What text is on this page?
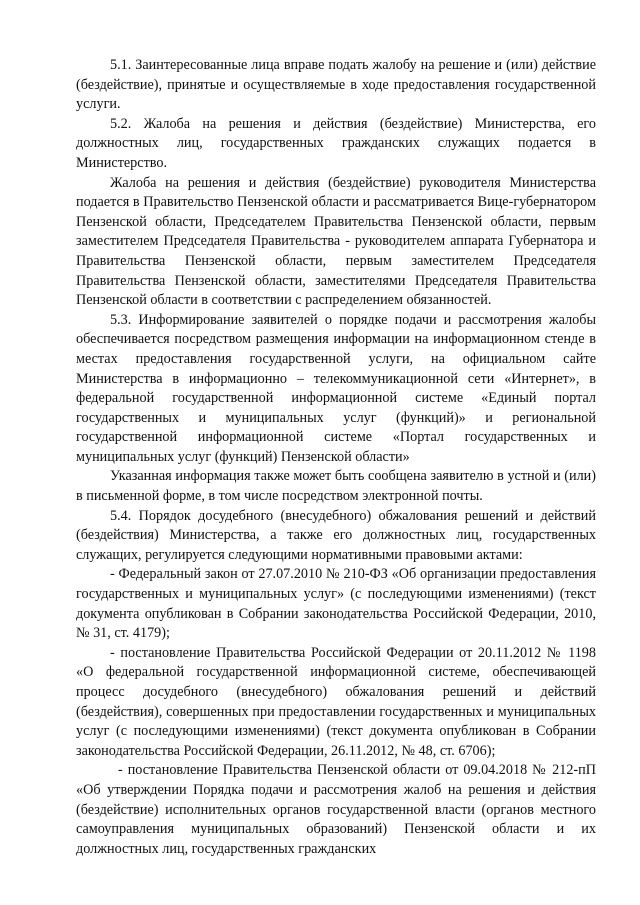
5.1. Заинтересованные лица вправе подать жалобу на решение и (или) действие (бездействие), принятые и осуществляемые в ходе предоставления государственной услуги.

5.2. Жалоба на решения и действия (бездействие) Министерства, его должностных лиц, государственных гражданских служащих подается в Министерство.

Жалоба на решения и действия (бездействие) руководителя Министерства подается в Правительство Пензенской области и рассматривается Вице-губернатором Пензенской области, Председателем Правительства Пензенской области, первым заместителем Председателя Правительства - руководителем аппарата Губернатора и Правительства Пензенской области, первым заместителем Председателя Правительства Пензенской области, заместителями Председателя Правительства Пензенской области в соответствии с распределением обязанностей.

5.3. Информирование заявителей о порядке подачи и рассмотрения жалобы обеспечивается посредством размещения информации на информационном стенде в местах предоставления государственной услуги, на официальном сайте Министерства в информационно – телекоммуникационной сети «Интернет», в федеральной государственной информационной системе «Единый портал государственных и муниципальных услуг (функций)» и региональной государственной информационной системе «Портал государственных и муниципальных услуг (функций) Пензенской области»

Указанная информация также может быть сообщена заявителю в устной и (или) в письменной форме, в том числе посредством электронной почты.

5.4. Порядок досудебного (внесудебного) обжалования решений и действий (бездействия) Министерства, а также его должностных лиц, государственных служащих, регулируется следующими нормативными правовыми актами:

- Федеральный закон от 27.07.2010 № 210-ФЗ «Об организации предоставления государственных и муниципальных услуг» (с последующими изменениями) (текст документа опубликован в Собрании законодательства Российской Федерации, 2010, № 31, ст. 4179);

- постановление Правительства Российской Федерации от 20.11.2012 № 1198 «О федеральной государственной информационной системе, обеспечивающей процесс досудебного (внесудебного) обжалования решений и действий (бездействия), совершенных при предоставлении государственных и муниципальных услуг (с последующими изменениями) (текст документа опубликован в Собрании законодательства Российской Федерации, 26.11.2012, № 48, ст. 6706);

- постановление Правительства Пензенской области от 09.04.2018 № 212-пП «Об утверждении Порядка подачи и рассмотрения жалоб на решения и действия (бездействие) исполнительных органов государственной власти (органов местного самоуправления муниципальных образований) Пензенской области и их должностных лиц, государственных гражданских
